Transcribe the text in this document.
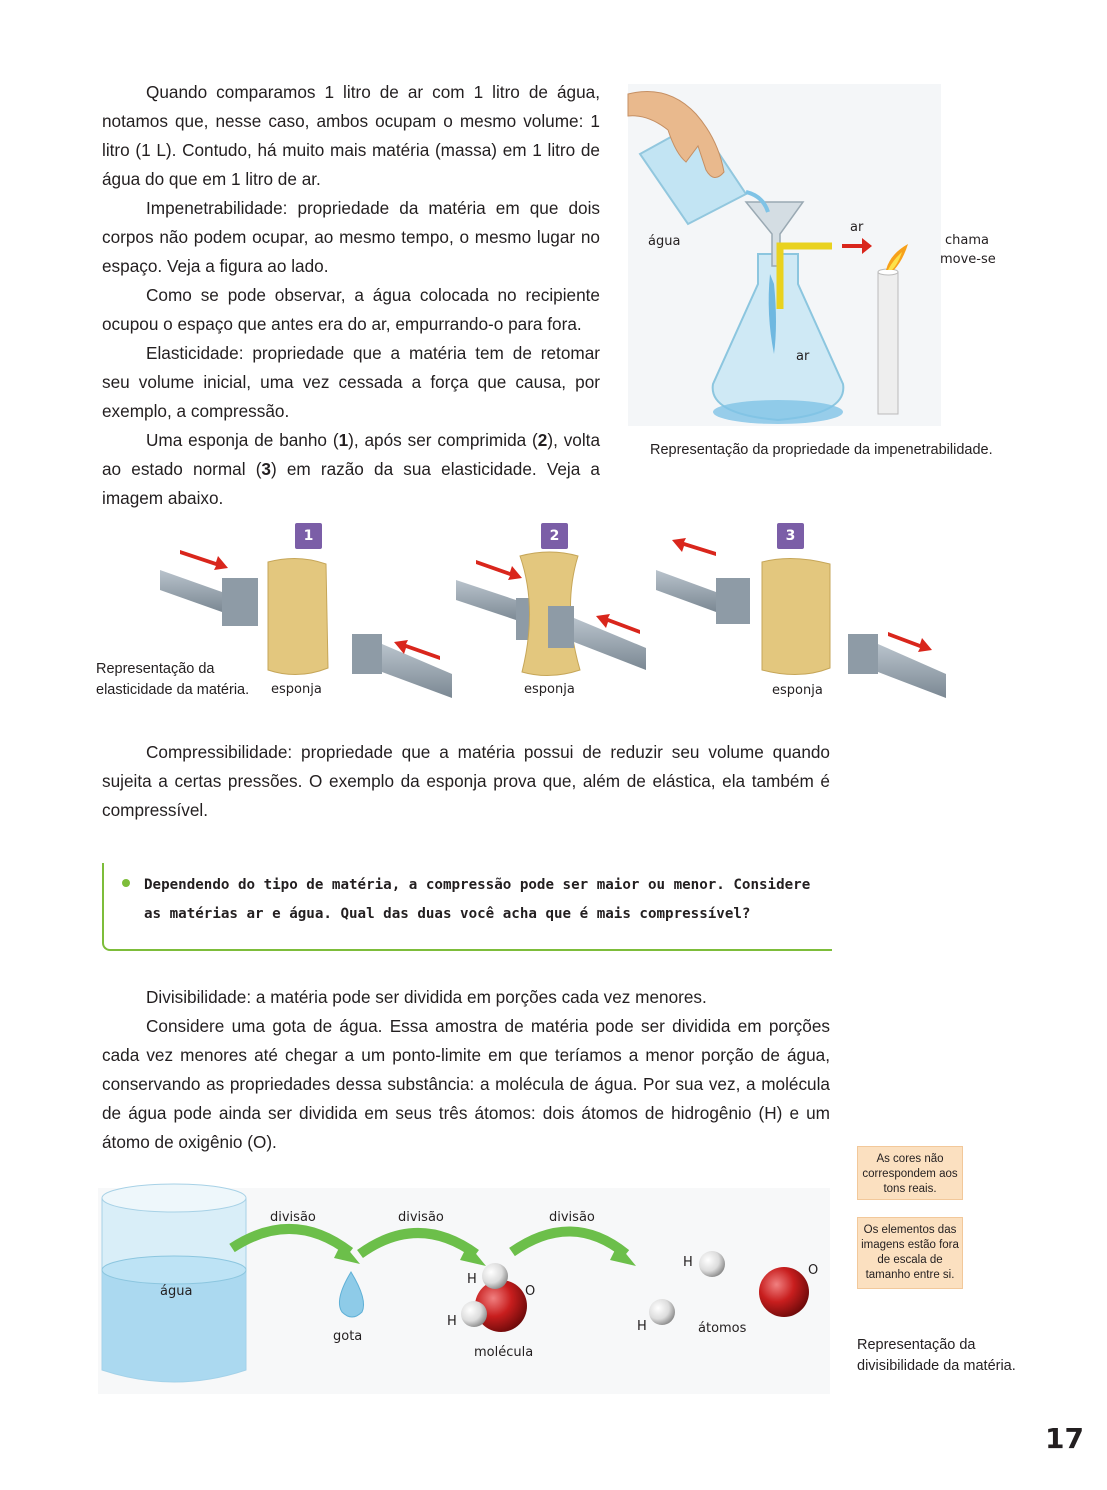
Quando comparamos 1 litro de ar com 1 litro de água, notamos que, nesse caso, ambos ocupam o mesmo volume: 1 litro (1 L). Contudo, há muito mais matéria (massa) em 1 litro de água do que em 1 litro de ar.

Impenetrabilidade: propriedade da matéria em que dois corpos não podem ocupar, ao mesmo tempo, o mesmo lugar no espaço. Veja a figura ao lado.

Como se pode observar, a água colocada no recipiente ocupou o espaço que antes era do ar, empurrando-o para fora.

Elasticidade: propriedade que a matéria tem de retomar seu volume inicial, uma vez cessada a força que causa, por exemplo, a compressão.

Uma esponja de banho (1), após ser comprimida (2), volta ao estado normal (3) em razão da sua elasticidade. Veja a imagem abaixo.

água
ar
ar
chama
move-se
Representação da propriedade da impenetrabilidade.
1	2	3
esponja	esponja	esponja
Representação da
elasticidade da matéria.

Compressibilidade: propriedade que a matéria possui de reduzir seu volume quando sujeita a certas pressões. O exemplo da esponja prova que, além de elástica, ela também é compressível.

Dependendo do tipo de matéria, a compressão pode ser maior ou menor. Considere as matérias ar e água. Qual das duas você acha que é mais compressível?

Divisibilidade: a matéria pode ser dividida em porções cada vez menores.

Considere uma gota de água. Essa amostra de matéria pode ser dividida em porções cada vez menores até chegar a um ponto-limite em que teríamos a menor porção de água, conservando as propriedades dessa substância: a molécula de água. Por sua vez, a molécula de água pode ainda ser dividida em seus três átomos: dois átomos de hidrogênio (H) e um átomo de oxigênio (O).

As cores não correspondem aos tons reais.
Os elementos das imagens estão fora de escala de tamanho entre si.
água
divisão	divisão	divisão
gota
molécula
átomos
H
H
O
H
H
O
Representação da
divisibilidade da matéria.
17
